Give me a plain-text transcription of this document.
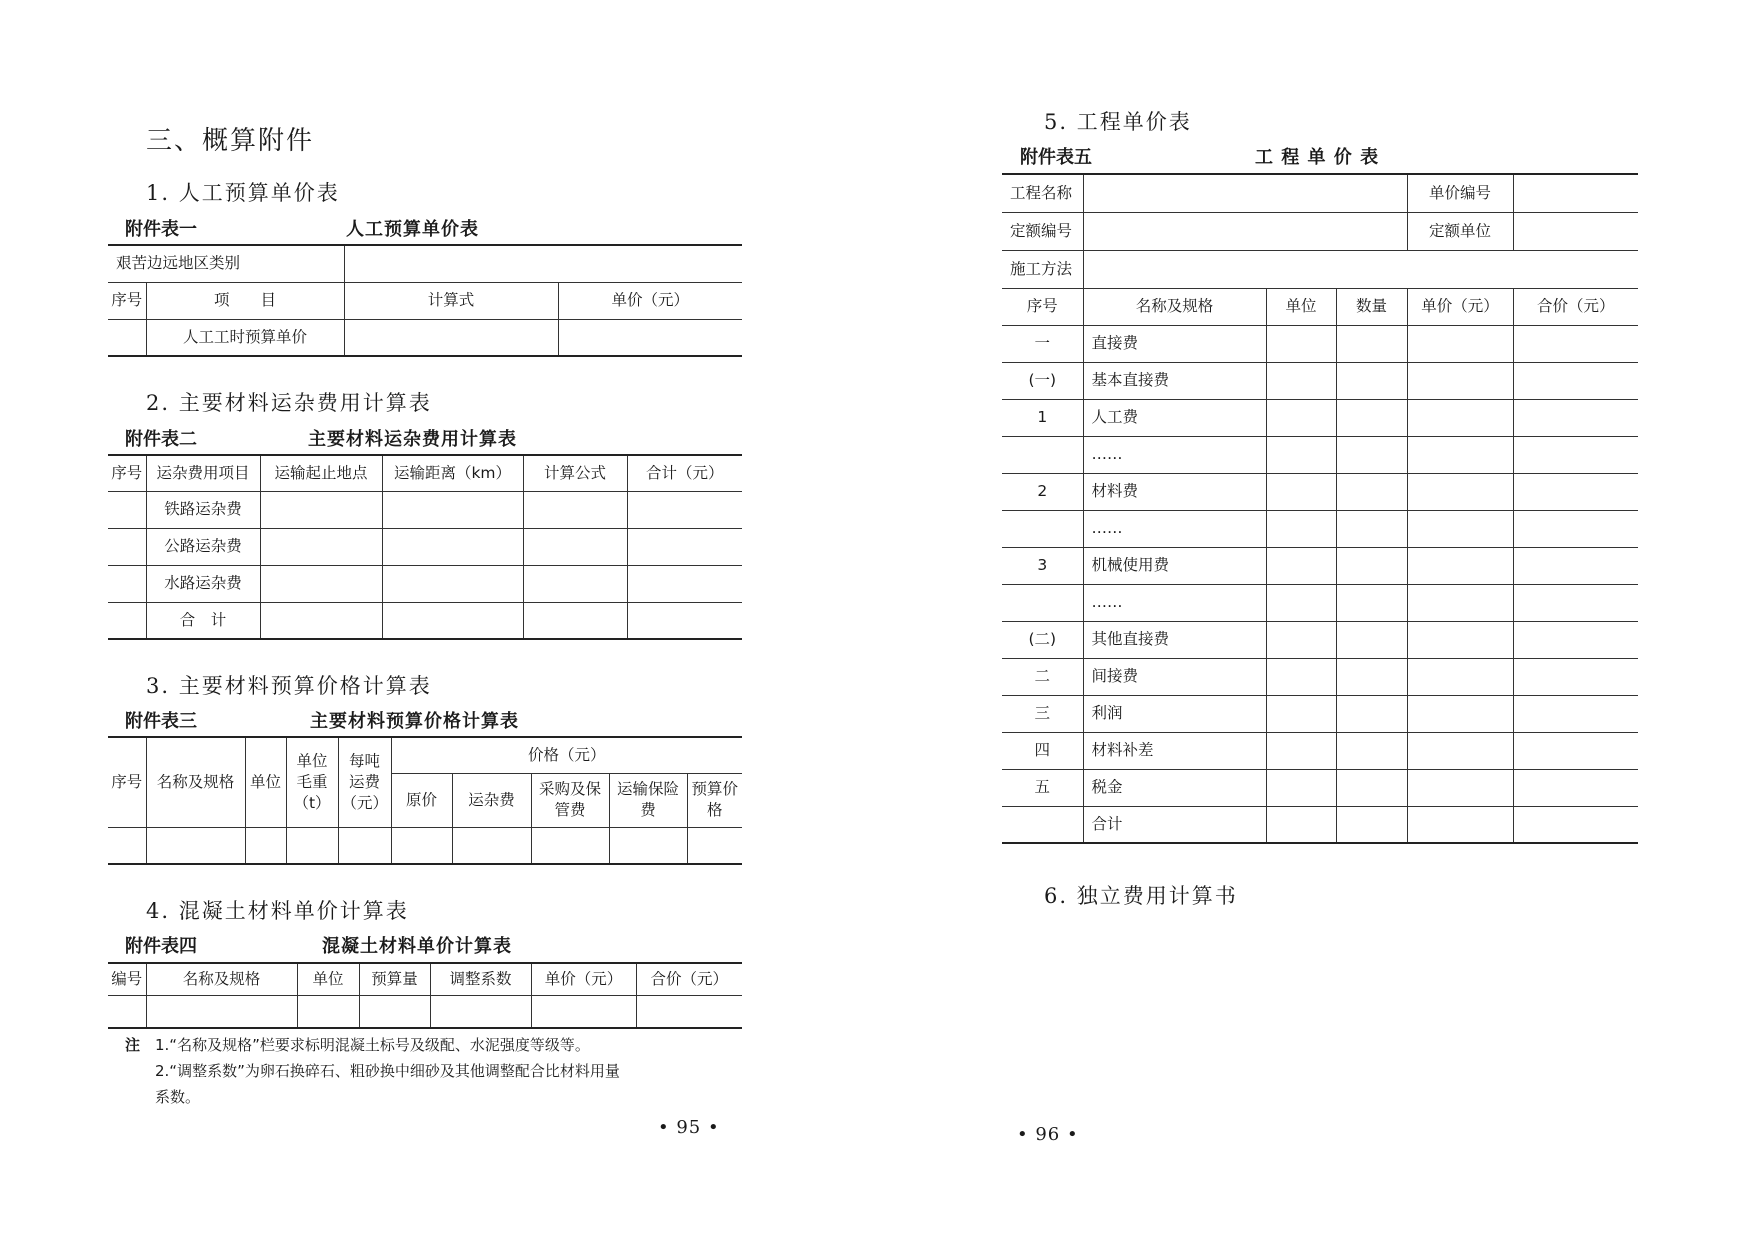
三、概算附件
1. 人工预算单价表
附件表一	人工预算单价表
艰苦边远地区类别			
序号	项　　目	计算式	单价（元）
	人工工时预算单价		
2. 主要材料运杂费用计算表
附件表二	主要材料运杂费用计算表
序号	运杂费用项目	运输起止地点	运输距离（km）	计算公式	合计（元）
	铁路运杂费				
	公路运杂费				
	水路运杂费				
	合　计				
3. 主要材料预算价格计算表
附件表三	主要材料预算价格计算表
序号	名称及规格	单位	单位毛重（t）	每吨运费（元）	价格（元）				
					原价	运杂费	采购及保管费	运输保险费	预算价格

4. 混凝土材料单价计算表
附件表四	混凝土材料单价计算表
编号	名称及规格	单位	预算量	调整系数	单价（元）	合价（元）

注 1.“名称及规格”栏要求标明混凝土标号及级配、水泥强度等级等。
2.“调整系数”为卵石换碎石、粗砂换中细砂及其他调整配合比材料用量
系数。
• 95 •
5. 工程单价表
附件表五	工 程 单 价 表
工程名称				单价编号	
定额编号				定额单位	
施工方法					
序号	名称及规格	单位	数量	单价（元）	合价（元）
一	直接费				
(一)	基本直接费				
1	人工费				
	……				
2	材料费				
	……				
3	机械使用费				
	……				
(二)	其他直接费				
二	间接费				
三	利润				
四	材料补差				
五	税金				
	合计				
6. 独立费用计算书
• 96 •
